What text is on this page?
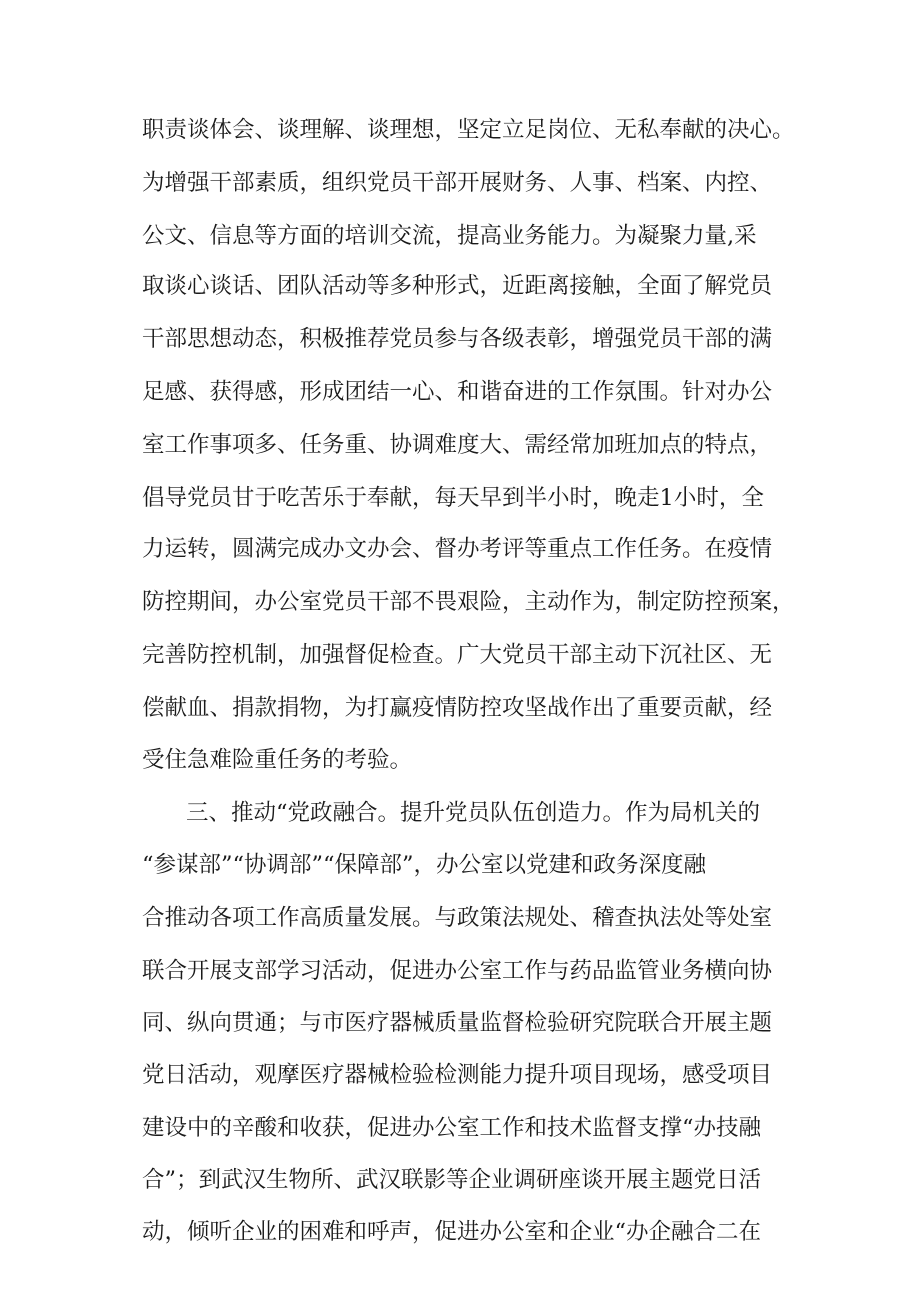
职责谈体会、谈理解、谈理想，坚定立足岗位、无私奉献的决心。
为增强干部素质，组织党员干部开展财务、人事、档案、内控、
公文、信息等方面的培训交流，提高业务能力。为凝聚力量,采
取谈心谈话、团队活动等多种形式，近距离接触，全面了解党员
干部思想动态，积极推荐党员参与各级表彰，增强党员干部的满
足感、获得感，形成团结一心、和谐奋进的工作氛围。针对办公
室工作事项多、任务重、协调难度大、需经常加班加点的特点，
倡导党员甘于吃苦乐于奉献，每天早到半小时，晚走1小时，全
力运转，圆满完成办文办会、督办考评等重点工作任务。在疫情
防控期间，办公室党员干部不畏艰险，主动作为，制定防控预案，
完善防控机制，加强督促检查。广大党员干部主动下沉社区、无
偿献血、捐款捐物，为打赢疫情防控攻坚战作出了重要贡献，经
受住急难险重任务的考验。
三、推动“党政融合。提升党员队伍创造力。作为局机关的
“参谋部”“协调部”“保障部”，办公室以党建和政务深度融
合推动各项工作高质量发展。与政策法规处、稽查执法处等处室
联合开展支部学习活动，促进办公室工作与药品监管业务横向协
同、纵向贯通；与市医疗器械质量监督检验研究院联合开展主题
党日活动，观摩医疗器械检验检测能力提升项目现场，感受项目
建设中的辛酸和收获，促进办公室工作和技术监督支撑“办技融
合”；到武汉生物所、武汉联影等企业调研座谈开展主题党日活
动，倾听企业的困难和呼声，促进办公室和企业“办企融合二在
